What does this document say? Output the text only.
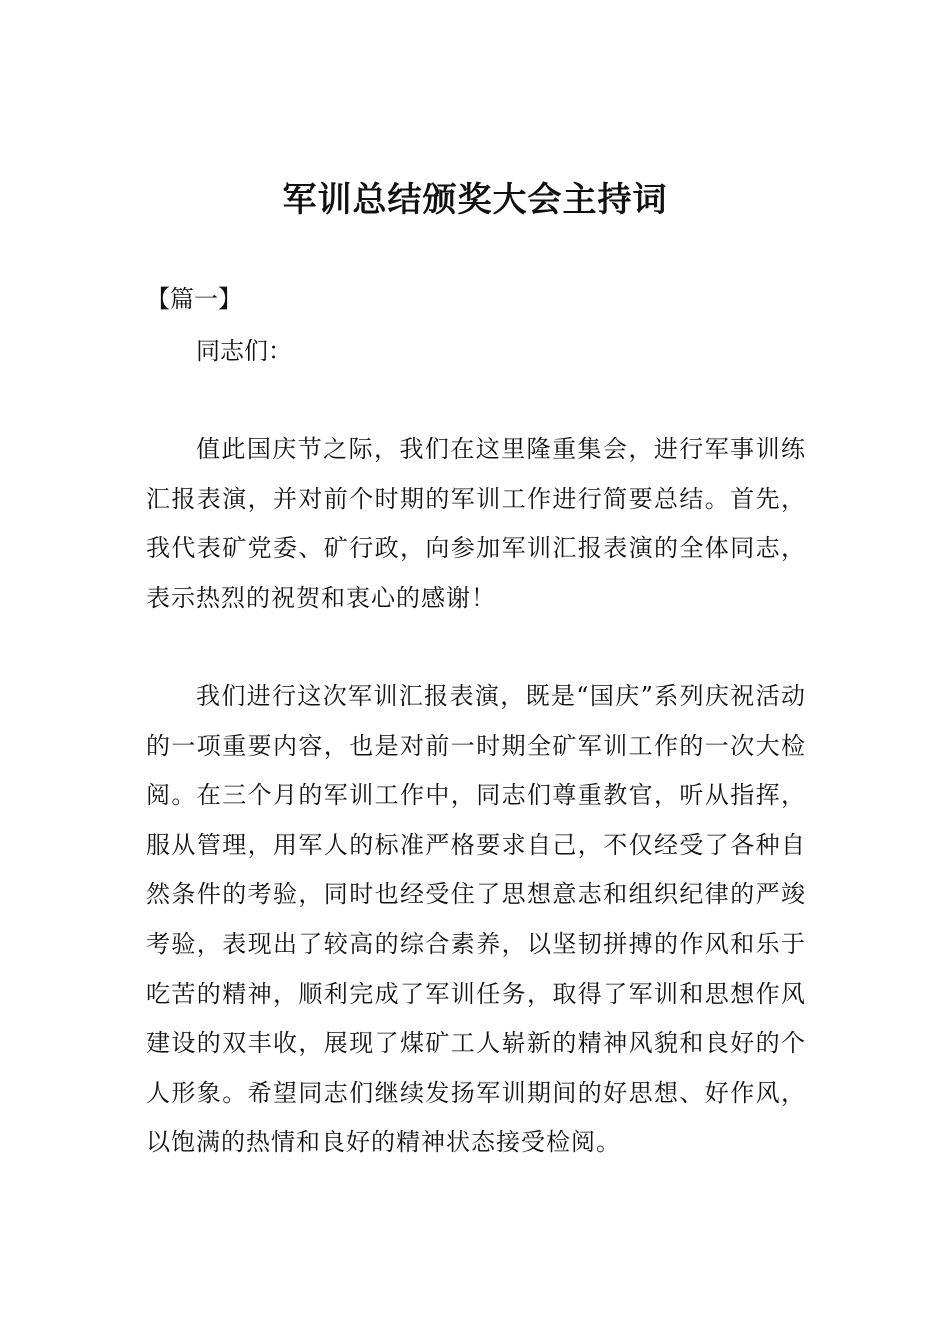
军训总结颁奖大会主持词

【篇一】

同志们：

值此国庆节之际，我们在这里隆重集会，进行军事训练汇报表演，并对前个时期的军训工作进行简要总结。首先，我代表矿党委、矿行政，向参加军训汇报表演的全体同志，表示热烈的祝贺和衷心的感谢！

我们进行这次军训汇报表演，既是“国庆”系列庆祝活动的一项重要内容，也是对前一时期全矿军训工作的一次大检阅。在三个月的军训工作中，同志们尊重教官，听从指挥，服从管理，用军人的标准严格要求自己，不仅经受了各种自然条件的考验，同时也经受住了思想意志和组织纪律的严竣考验，表现出了较高的综合素养，以坚韧拼搏的作风和乐于吃苦的精神，顺利完成了军训任务，取得了军训和思想作风建设的双丰收，展现了煤矿工人崭新的精神风貌和良好的个人形象。希望同志们继续发扬军训期间的好思想、好作风，以饱满的热情和良好的精神状态接受检阅。
